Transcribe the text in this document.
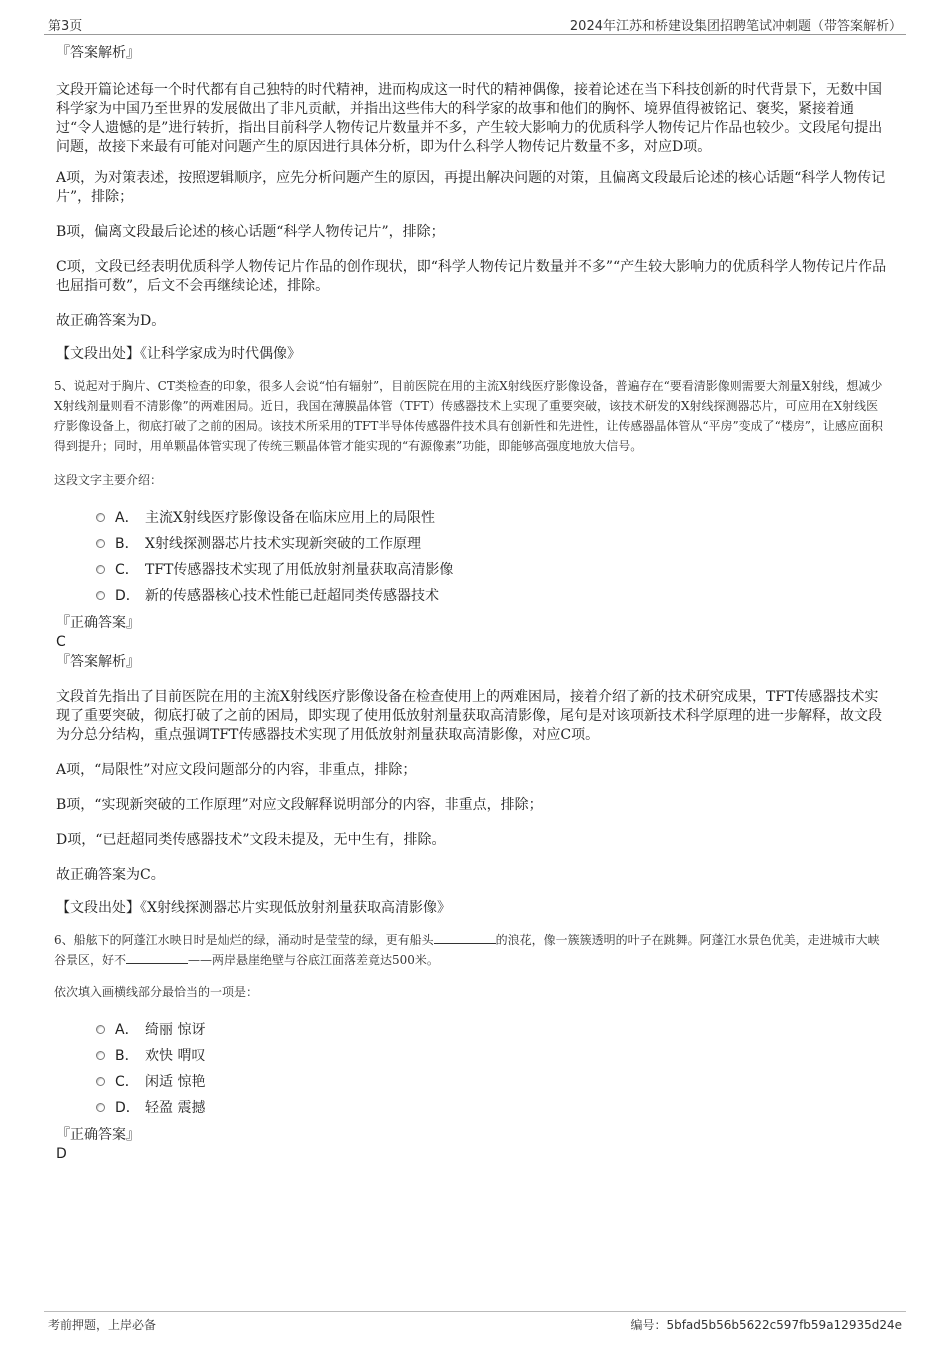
第3页	2024年江苏和桥建设集团招聘笔试冲刺题（带答案解析）

『答案解析』

文段开篇论述每一个时代都有自己独特的时代精神，进而构成这一时代的精神偶像，接着论述在当下科技创新的时代背景下，无数中国科学家为中国乃至世界的发展做出了非凡贡献，并指出这些伟大的科学家的故事和他们的胸怀、境界值得被铭记、褒奖，紧接着通过“令人遗憾的是”进行转折，指出目前科学人物传记片数量并不多，产生较大影响力的优质科学人物传记片作品也较少。文段尾句提出问题，故接下来最有可能对问题产生的原因进行具体分析，即为什么科学人物传记片数量不多，对应D项。

A项，为对策表述，按照逻辑顺序，应先分析问题产生的原因，再提出解决问题的对策，且偏离文段最后论述的核心话题“科学人物传记片”，排除；

B项，偏离文段最后论述的核心话题“科学人物传记片”，排除；

C项，文段已经表明优质科学人物传记片作品的创作现状，即“科学人物传记片数量并不多”“产生较大影响力的优质科学人物传记片作品也屈指可数”，后文不会再继续论述，排除。

故正确答案为D。

【文段出处】《让科学家成为时代偶像》

5、说起对于胸片、CT类检查的印象，很多人会说“怕有辐射”，目前医院在用的主流X射线医疗影像设备，普遍存在“要看清影像则需要大剂量X射线，想减少X射线剂量则看不清影像”的两难困局。近日，我国在薄膜晶体管（TFT）传感器技术上实现了重要突破，该技术研发的X射线探测器芯片，可应用在X射线医疗影像设备上，彻底打破了之前的困局。该技术所采用的TFT半导体传感器件技术具有创新性和先进性，让传感器晶体管从“平房”变成了“楼房”，让感应面积得到提升；同时，用单颗晶体管实现了传统三颗晶体管才能实现的“有源像素”功能，即能够高强度地放大信号。

这段文字主要介绍：

A． 主流X射线医疗影像设备在临床应用上的局限性
B． X射线探测器芯片技术实现新突破的工作原理
C． TFT传感器技术实现了用低放射剂量获取高清影像
D． 新的传感器核心技术性能已赶超同类传感器技术

『正确答案』

C

『答案解析』

文段首先指出了目前医院在用的主流X射线医疗影像设备在检查使用上的两难困局，接着介绍了新的技术研究成果，TFT传感器技术实现了重要突破，彻底打破了之前的困局，即实现了使用低放射剂量获取高清影像，尾句是对该项新技术科学原理的进一步解释，故文段为分总分结构，重点强调TFT传感器技术实现了用低放射剂量获取高清影像，对应C项。

A项，“局限性”对应文段问题部分的内容，非重点，排除；

B项，“实现新突破的工作原理”对应文段解释说明部分的内容，非重点，排除；

D项，“已赶超同类传感器技术”文段未提及，无中生有，排除。

故正确答案为C。

【文段出处】《X射线探测器芯片实现低放射剂量获取高清影像》

6、船舷下的阿蓬江水映日时是灿烂的绿，涌动时是莹莹的绿，更有船头	的浪花，像一簇簇透明的叶子在跳舞。阿蓬江水景色优美，走进城市大峡谷景区，好不	——两岸悬崖绝壁与谷底江面落差竟达500米。

依次填入画横线部分最恰当的一项是：

A． 绮丽 惊讶
B． 欢快 喟叹
C． 闲适 惊艳
D． 轻盈 震撼

『正确答案』

D

考前押题，上岸必备	编号：5bfad5b56b5622c597fb59a12935d24e
